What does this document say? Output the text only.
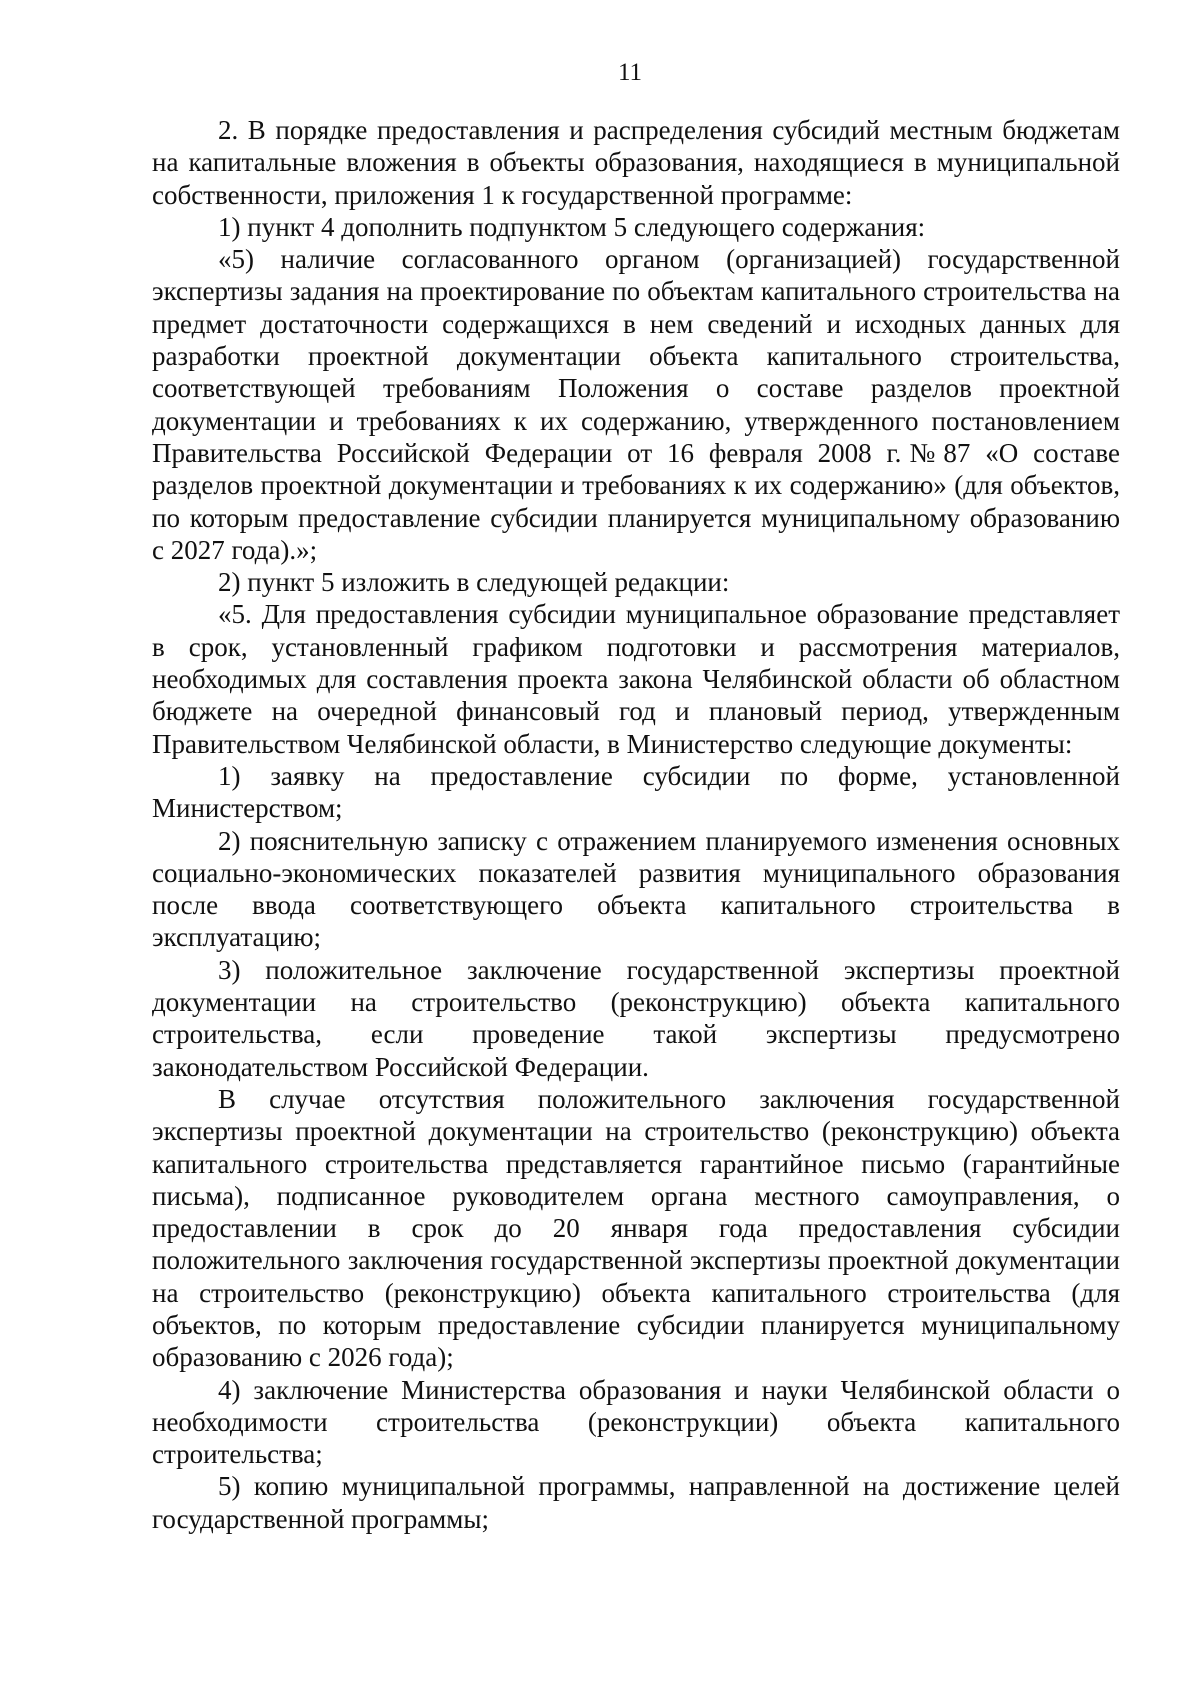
11

2. В порядке предоставления и распределения субсидий местным бюджетам на капитальные вложения в объекты образования, находящиеся в муниципальной собственности, приложения 1 к государственной программе:

1) пункт 4 дополнить подпунктом 5 следующего содержания:

«5) наличие согласованного органом (организацией) государственной экспертизы задания на проектирование по объектам капитального строительства на предмет достаточности содержащихся в нем сведений и исходных данных для разработки проектной документации объекта капитального строительства, соответствующей требованиям Положения о составе разделов проектной документации и требованиях к их содержанию, утвержденного постановлением Правительства Российской Федерации от 16 февраля 2008 г.№87 «О составе разделов проектной документации и требованиях к их содержанию» (для объектов, по которым предоставление субсидии планируется муниципальному образованию с 2027 года).»;

2) пункт 5 изложить в следующей редакции:

«5. Для предоставления субсидии муниципальное образование представляет в срок, установленный графиком подготовки и рассмотрения материалов, необходимых для составления проекта закона Челябинской области об областном бюджете на очередной финансовый год и плановый период, утвержденным Правительством Челябинской области, в Министерство следующие документы:

1) заявку на предоставление субсидии по форме, установленной Министерством;

2) пояснительную записку с отражением планируемого изменения основных социально-экономических показателей развития муниципального образования после ввода соответствующего объекта капитального строительства в эксплуатацию;

3) положительное заключение государственной экспертизы проектной документации на строительство (реконструкцию) объекта капитального строительства, если проведение такой экспертизы предусмотрено законодательством Российской Федерации.

В случае отсутствия положительного заключения государственной экспертизы проектной документации на строительство (реконструкцию) объекта капитального строительства представляется гарантийное письмо (гарантийные письма), подписанное руководителем органа местного самоуправления, о предоставлении в срок до 20 января года предоставления субсидии положительного заключения государственной экспертизы проектной документации на строительство (реконструкцию) объекта капитального строительства (для объектов, по которым предоставление субсидии планируется муниципальному образованию с 2026 года);

4) заключение Министерства образования и науки Челябинской области о необходимости строительства (реконструкции) объекта капитального строительства;

5) копию муниципальной программы, направленной на достижение целей государственной программы;
